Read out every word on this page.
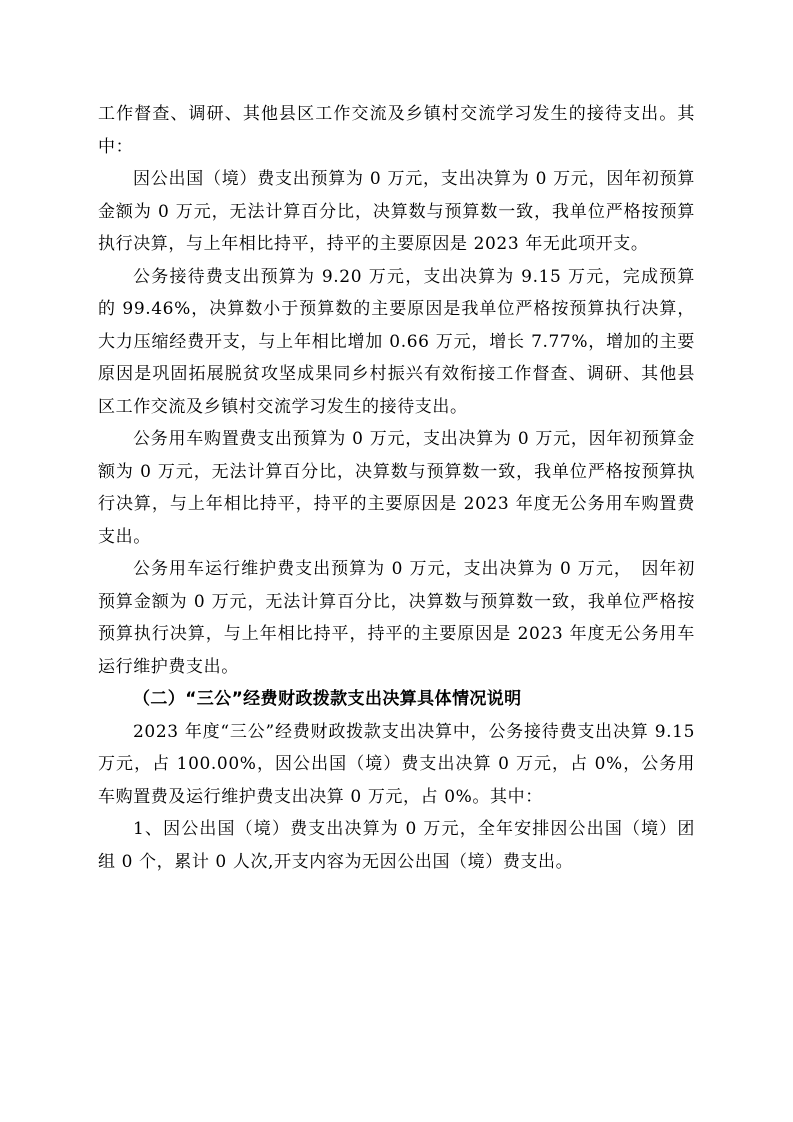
工作督查、调研、其他县区工作交流及乡镇村交流学习发生的接待支出。其中：

因公出国（境）费支出预算为 0 万元，支出决算为 0 万元，因年初预算金额为 0 万元，无法计算百分比，决算数与预算数一致，我单位严格按预算执行决算，与上年相比持平，持平的主要原因是 2023 年无此项开支。

公务接待费支出预算为 9.20 万元，支出决算为 9.15 万元，完成预算的 99.46%，决算数小于预算数的主要原因是我单位严格按预算执行决算，大力压缩经费开支，与上年相比增加 0.66 万元，增长 7.77%，增加的主要原因是巩固拓展脱贫攻坚成果同乡村振兴有效衔接工作督查、调研、其他县区工作交流及乡镇村交流学习发生的接待支出。

公务用车购置费支出预算为 0 万元，支出决算为 0 万元，因年初预算金额为 0 万元，无法计算百分比，决算数与预算数一致，我单位严格按预算执行决算，与上年相比持平，持平的主要原因是 2023 年度无公务用车购置费支出。

公务用车运行维护费支出预算为 0 万元，支出决算为 0 万元，　因年初预算金额为 0 万元，无法计算百分比，决算数与预算数一致，我单位严格按预算执行决算，与上年相比持平，持平的主要原因是 2023 年度无公务用车运行维护费支出。

（二）“三公”经费财政拨款支出决算具体情况说明

2023 年度“三公”经费财政拨款支出决算中，公务接待费支出决算 9.15 万元，占 100.00%，因公出国（境）费支出决算 0 万元，占 0%，公务用车购置费及运行维护费支出决算 0 万元，占 0%。其中：

1、因公出国（境）费支出决算为 0 万元，全年安排因公出国（境）团组 0 个，累计 0 人次,开支内容为无因公出国（境）费支出。
